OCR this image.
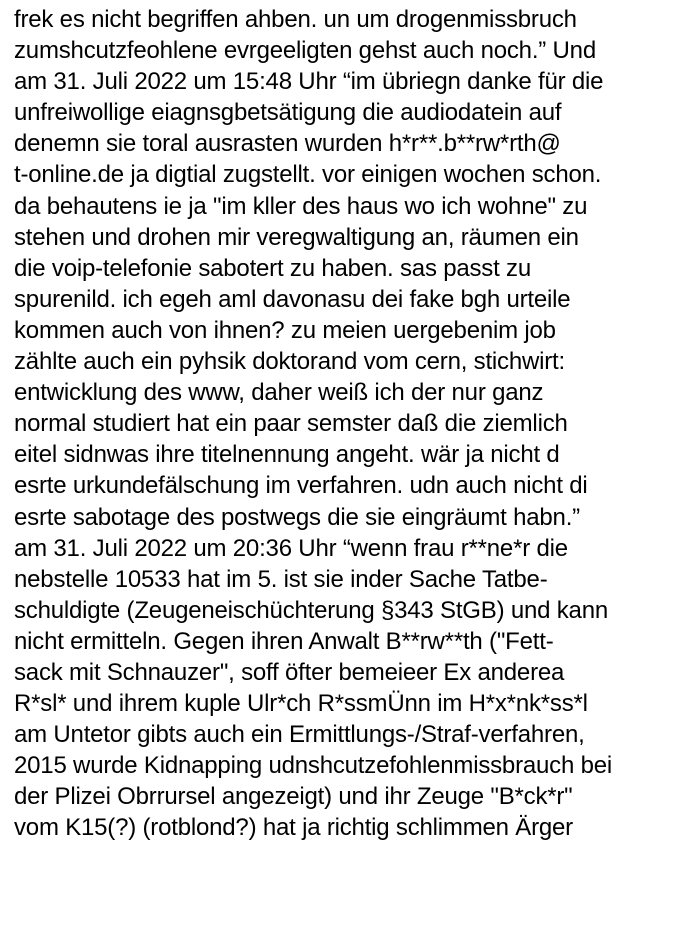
frek es nicht begriffen ahben. un um drogenmissbruch
zumshcutzfeohlene evrgeeligten gehst auch noch.” Und
am 31. Juli 2022 um 15:48 Uhr “im übriegn danke für die
unfreiwollige eiagnsgbetsätigung die audiodatein auf
denemn sie toral ausrasten wurden h*r**.b**rw*rth@
t-online.de ja digtial zugstellt. vor einigen wochen schon.
da behautens ie ja "im kller des haus wo ich wohne" zu
stehen und drohen mir veregwaltigung an, räumen ein
die voip-telefonie sabotert zu haben. sas passt zu
spurenild. ich egeh aml davonasu dei fake bgh urteile
kommen auch von ihnen? zu meien uergebenim job
zählte auch ein pyhsik doktorand vom cern, stichwirt:
entwicklung des www, daher weiß ich der nur ganz
normal studiert hat ein paar semster daß die ziemlich
eitel sidnwas ihre titelnennung angeht. wär ja nicht d
esrte urkundefälschung im verfahren. udn auch nicht di
esrte sabotage des postwegs die sie eingräumt habn.”
am 31. Juli 2022 um 20:36 Uhr “wenn frau r**ne*r die
nebstelle 10533 hat im 5. ist sie inder Sache Tatbe-
schuldigte (Zeugeneischüchterung §343 StGB) und kann
nicht ermitteln. Gegen ihren Anwalt B**rw**th ("Fett-
sack mit Schnauzer", soff öfter bemeieer Ex anderea
R*sl* und ihrem kuple Ulr*ch R*ssmÜnn im H*x*nk*ss*l
am Untetor gibts auch ein Ermittlungs-/Straf-verfahren,
2015 wurde Kidnapping udnshcutzefohlenmissbrauch bei
der Plizei Obrrursel angezeigt) und ihr Zeuge "B*ck*r"
vom K15(?) (rotblond?) hat ja richtig schlimmen Ärger
